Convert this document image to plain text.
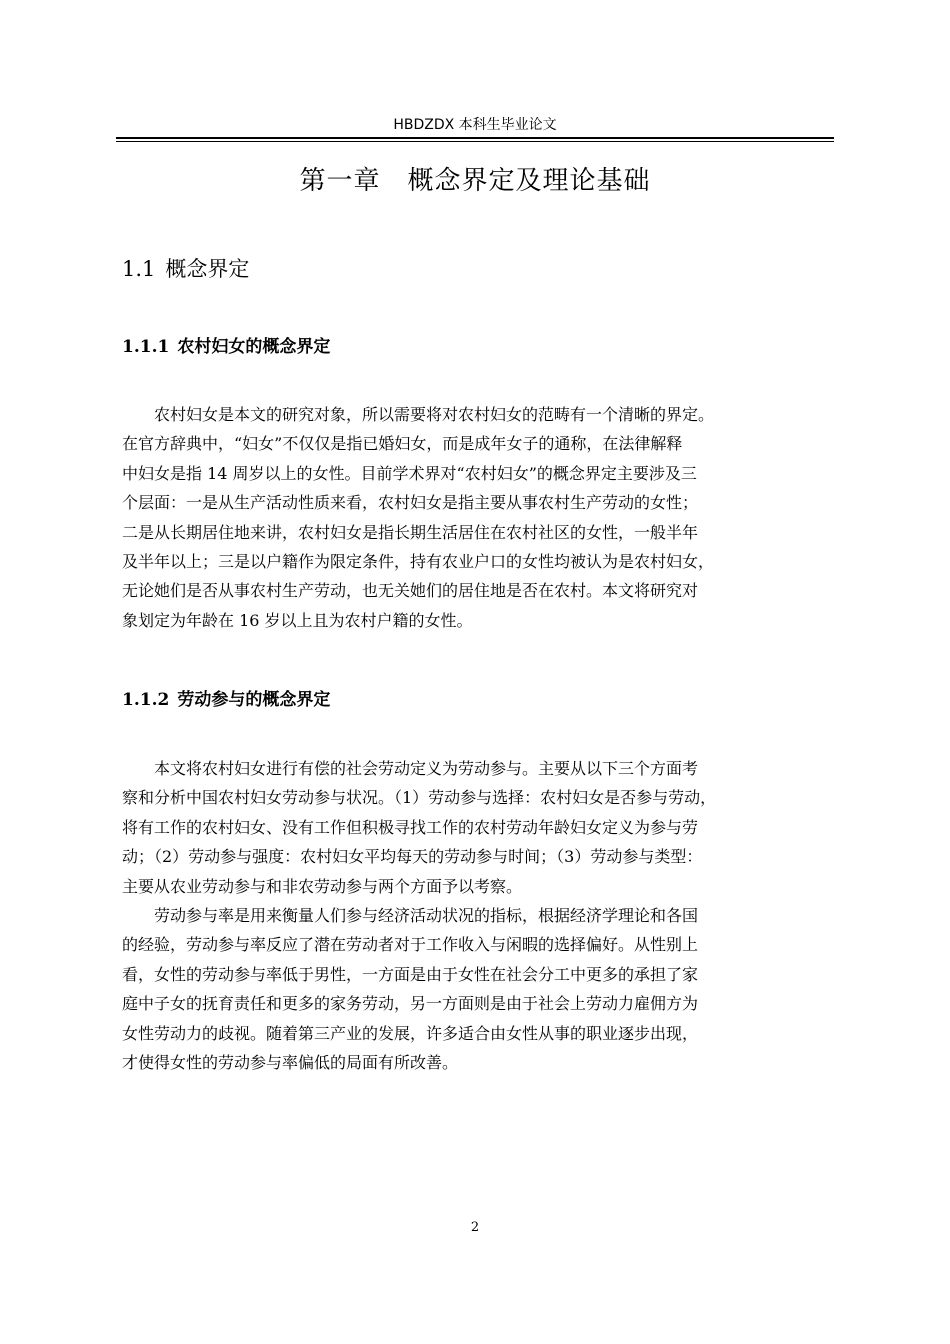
HBDZDX 本科生毕业论文
第一章　概念界定及理论基础
1.1 概念界定
1.1.1 农村妇女的概念界定

　　农村妇女是本文的研究对象，所以需要将对农村妇女的范畴有一个清晰的界定。
在官方辞典中，“妇女”不仅仅是指已婚妇女，而是成年女子的通称，在法律解释
中妇女是指 14 周岁以上的女性。目前学术界对“农村妇女”的概念界定主要涉及三
个层面：一是从生产活动性质来看，农村妇女是指主要从事农村生产劳动的女性；
二是从长期居住地来讲，农村妇女是指长期生活居住在农村社区的女性，一般半年
及半年以上；三是以户籍作为限定条件，持有农业户口的女性均被认为是农村妇女，
无论她们是否从事农村生产劳动，也无关她们的居住地是否在农村。本文将研究对
象划定为年龄在 16 岁以上且为农村户籍的女性。

1.1.2 劳动参与的概念界定

　　本文将农村妇女进行有偿的社会劳动定义为劳动参与。主要从以下三个方面考
察和分析中国农村妇女劳动参与状况。（1）劳动参与选择：农村妇女是否参与劳动，
将有工作的农村妇女、没有工作但积极寻找工作的农村劳动年龄妇女定义为参与劳
动；（2）劳动参与强度：农村妇女平均每天的劳动参与时间；（3）劳动参与类型：
主要从农业劳动参与和非农劳动参与两个方面予以考察。
　　劳动参与率是用来衡量人们参与经济活动状况的指标，根据经济学理论和各国
的经验，劳动参与率反应了潜在劳动者对于工作收入与闲暇的选择偏好。从性别上
看，女性的劳动参与率低于男性，一方面是由于女性在社会分工中更多的承担了家
庭中子女的抚育责任和更多的家务劳动，另一方面则是由于社会上劳动力雇佣方为
女性劳动力的歧视。随着第三产业的发展，许多适合由女性从事的职业逐步出现，
才使得女性的劳动参与率偏低的局面有所改善。

2
